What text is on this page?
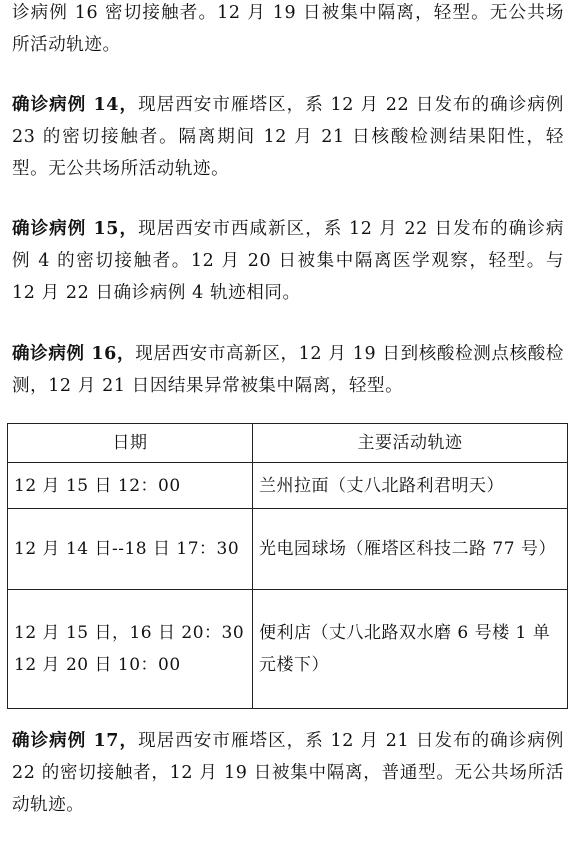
诊病例 16 密切接触者。12 月 19 日被集中隔离，轻型。无公共场所活动轨迹。

确诊病例 14，现居西安市雁塔区，系 12 月 22 日发布的确诊病例 23 的密切接触者。隔离期间 12 月 21 日核酸检测结果阳性，轻型。无公共场所活动轨迹。

确诊病例 15，现居西安市西咸新区，系 12 月 22 日发布的确诊病例 4 的密切接触者。12 月 20 日被集中隔离医学观察，轻型。与 12 月 22 日确诊病例 4 轨迹相同。

确诊病例 16，现居西安市高新区，12 月 19 日到核酸检测点核酸检测，12 月 21 日因结果异常被集中隔离，轻型。

日期	主要活动轨迹

12 月 15 日 12：00	兰州拉面（丈八北路利君明天）

12 月 14 日--18 日 17：30	光电园球场（雁塔区科技二路 77 号）

12 月 15 日，16 日 20：30
12 月 20 日 10：00	便利店（丈八北路双水磨 6 号楼 1 单元楼下）

确诊病例 17，现居西安市雁塔区，系 12 月 21 日发布的确诊病例 22 的密切接触者，12 月 19 日被集中隔离，普通型。无公共场所活动轨迹。
